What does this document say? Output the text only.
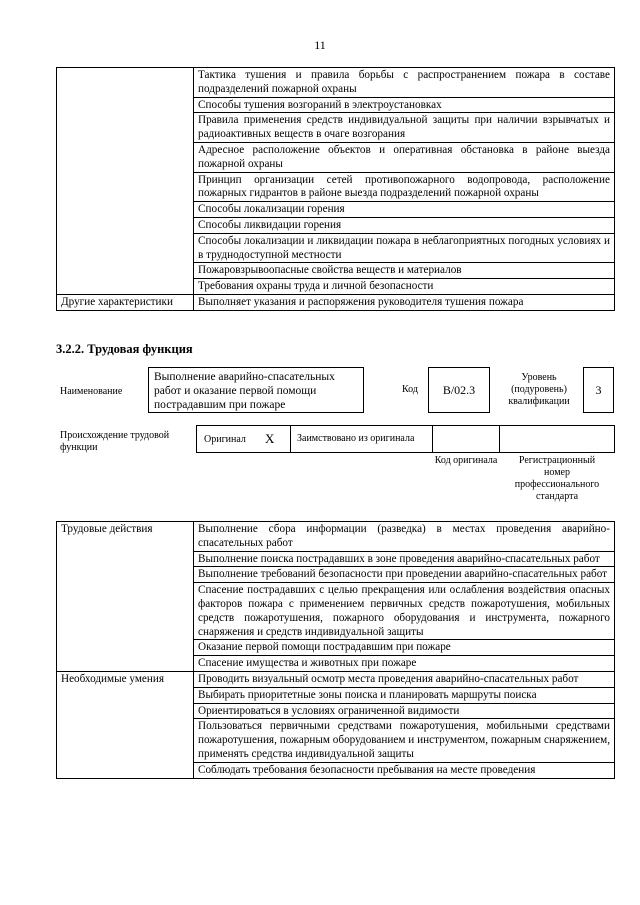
11
	Тактика тушения и правила борьбы с распространением пожара в составе подразделений пожарной охраны
	Способы тушения возгораний в электроустановках
	Правила применения средств индивидуальной защиты при наличии взрывчатых и радиоактивных веществ в очаге возгорания
	Адресное расположение объектов и оперативная обстановка в районе выезда пожарной охраны
	Принцип организации сетей противопожарного водопровода, расположение пожарных гидрантов в районе выезда подразделений пожарной охраны
	Способы локализации горения
	Способы ликвидации горения
	Способы локализации и ликвидации пожара в неблагоприятных погодных условиях и в труднодоступной местности
	Пожаровзрывоопасные свойства веществ и материалов
	Требования охраны труда и личной безопасности
Другие характеристики	Выполняет указания и распоряжения руководителя тушения пожара
3.2.2. Трудовая функция
Наименование
Выполнение аварийно-спасательных работ и оказание первой помощи пострадавшим при пожаре
Код	B/02.3
Уровень (подуровень) квалификации
3
Происхождение трудовой функции
Оригинал X	Заимствовано из оригинала
Код оригинала	Регистрационный номер профессионального стандарта
Трудовые действия	Выполнение сбора информации (разведка) в местах проведения аварийно-спасательных работ
	Выполнение поиска пострадавших в зоне проведения аварийно-спасательных работ
	Выполнение требований безопасности при проведении аварийно-спасательных работ
	Спасение пострадавших с целью прекращения или ослабления воздействия опасных факторов пожара с применением первичных средств пожаротушения, мобильных средств пожаротушения, пожарного оборудования и инструмента, пожарного снаряжения и средств индивидуальной защиты
	Оказание первой помощи пострадавшим при пожаре
	Спасение имущества и животных при пожаре
Необходимые умения	Проводить визуальный осмотр места проведения аварийно-спасательных работ
	Выбирать приоритетные зоны поиска и планировать маршруты поиска
	Ориентироваться в условиях ограниченной видимости
	Пользоваться первичными средствами пожаротушения, мобильными средствами пожаротушения, пожарным оборудованием и инструментом, пожарным снаряжением, применять средства индивидуальной защиты
	Соблюдать требования безопасности пребывания на месте проведения
